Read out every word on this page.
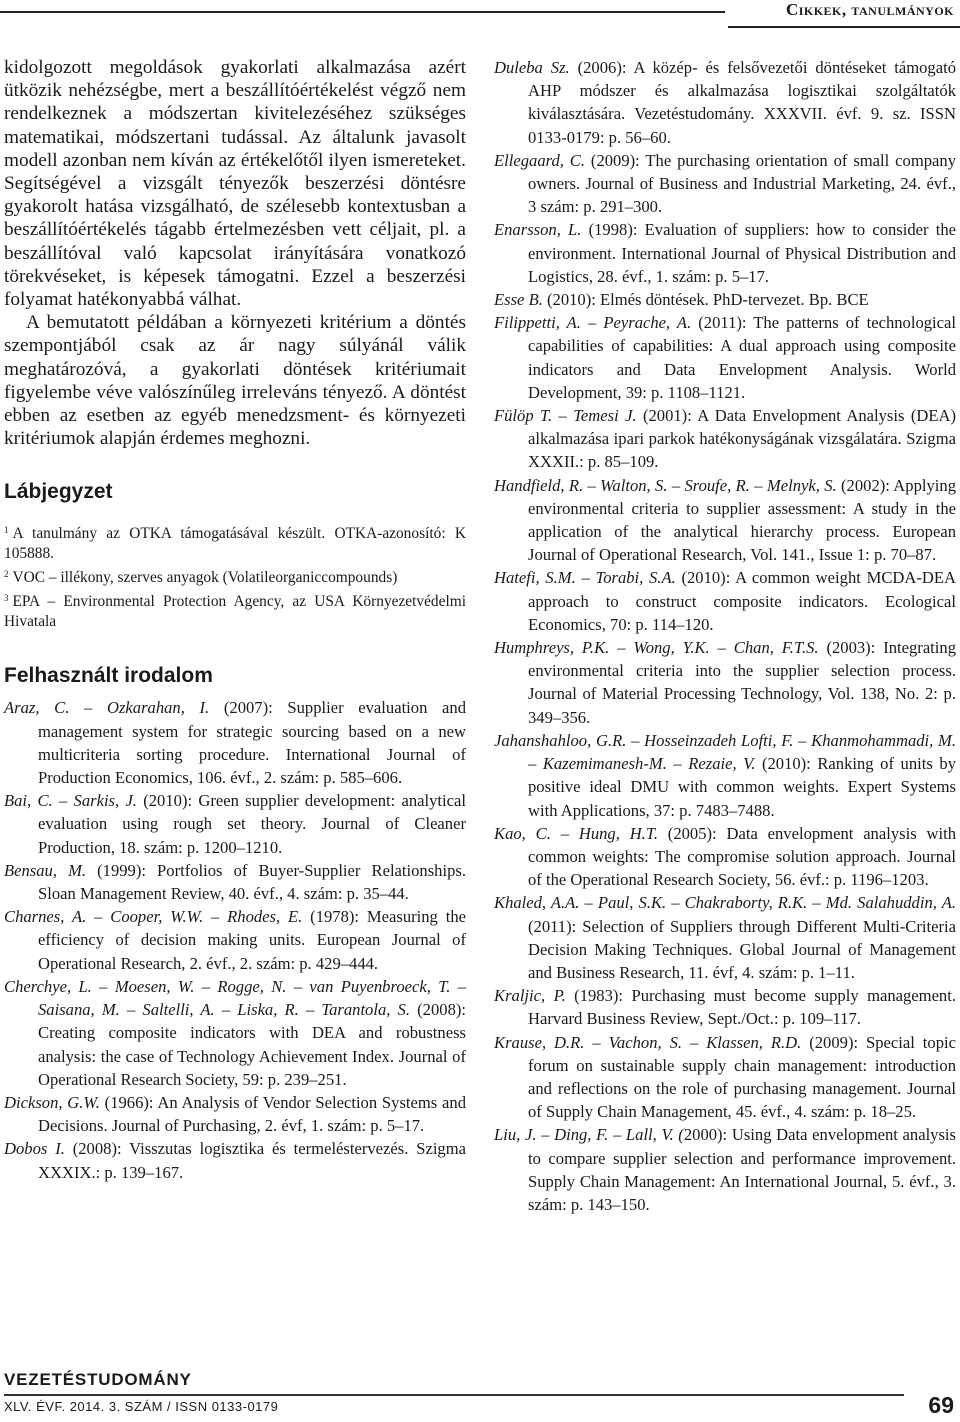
Cikkek, tanulmányok

kidolgozott megoldások gyakorlati alkalmazása azért ütközik nehézségbe, mert a beszállítóértékelést végző nem rendelkeznek a módszertan kivitelezéséhez szükséges matematikai, módszertani tudással. Az általunk javasolt modell azonban nem kíván az értékelőtől ilyen ismereteket. Segítségével a vizsgált tényezők beszerzési döntésre gyakorolt hatása vizsgálható, de szélesebb kontextusban a beszállítóértékelés tágabb értelmezésben vett céljait, pl. a beszállítóval való kapcsolat irányítására vonatkozó törekvéseket, is képesek támogatni. Ezzel a beszerzési folyamat hatékonyabbá válhat.

A bemutatott példában a környezeti kritérium a döntés szempontjából csak az ár nagy súlyánál válik meghatározóvá, a gyakorlati döntések kritériumait figyelembe véve valószínűleg irreleváns tényező. A döntést ebben az esetben az egyéb menedzsment- és környezeti kritériumok alapján érdemes meghozni.

Lábjegyzet

$^1$ A tanulmány az OTKA támogatásával készült. OTKA-azonosító: K 105888.

$^2$ VOC – illékony, szerves anyagok (Volatileorganiccompounds)

$^3$ EPA – Environmental Protection Agency, az USA Környezetvédelmi Hivatala

Felhasznált irodalom

Araz, C. – Ozkarahan, I. (2007): Supplier evaluation and management system for strategic sourcing based on a new multicriteria sorting procedure. International Journal of Production Economics, 106. évf., 2. szám: p. 585–606.

Bai, C. – Sarkis, J. (2010): Green supplier development: analytical evaluation using rough set theory. Journal of Cleaner Production, 18. szám: p. 1200–1210.

Bensau, M. (1999): Portfolios of Buyer-Supplier Relationships. Sloan Management Review, 40. évf., 4. szám: p. 35–44.

Charnes, A. – Cooper, W.W. – Rhodes, E. (1978): Measuring the efficiency of decision making units. European Journal of Operational Research, 2. évf., 2. szám: p. 429–444.

Cherchye, L. – Moesen, W. – Rogge, N. – van Puyenbroeck, T. – Saisana, M. – Saltelli, A. – Liska, R. – Tarantola, S. (2008): Creating composite indicators with DEA and robustness analysis: the case of Technology Achievement Index. Journal of Operational Research Society, 59: p. 239–251.

Dickson, G.W. (1966): An Analysis of Vendor Selection Systems and Decisions. Journal of Purchasing, 2. évf, 1. szám: p. 5–17.

Dobos I. (2008): Visszutas logisztika és termeléstervezés. Szigma XXXIX.: p. 139–167.

Duleba Sz. (2006): A közép- és felsővezetői döntéseket támogató AHP módszer és alkalmazása logisztikai szolgáltatók kiválasztására. Vezetéstudomány. XXXVII. évf. 9. sz. ISSN 0133-0179: p. 56–60.

Ellegaard, C. (2009): The purchasing orientation of small company owners. Journal of Business and Industrial Marketing, 24. évf., 3 szám: p. 291–300.

Enarsson, L. (1998): Evaluation of suppliers: how to consider the environment. International Journal of Physical Distribution and Logistics, 28. évf., 1. szám: p. 5–17.

Esse B. (2010): Elmés döntések. PhD-tervezet. Bp. BCE

Filippetti, A. – Peyrache, A. (2011): The patterns of technological capabilities of capabilities: A dual approach using composite indicators and Data Envelopment Analysis. World Development, 39: p. 1108–1121.

Fülöp T. – Temesi J. (2001): A Data Envelopment Analysis (DEA) alkalmazása ipari parkok hatékonyságának vizsgálatára. Szigma XXXII.: p. 85–109.

Handfield, R. – Walton, S. – Sroufe, R. – Melnyk, S. (2002): Applying environmental criteria to supplier assessment: A study in the application of the analytical hierarchy process. European Journal of Operational Research, Vol. 141., Issue 1: p. 70–87.

Hatefi, S.M. – Torabi, S.A. (2010): A common weight MCDA-DEA approach to construct composite indicators. Ecological Economics, 70: p. 114–120.

Humphreys, P.K. – Wong, Y.K. – Chan, F.T.S. (2003): Integrating environmental criteria into the supplier selection process. Journal of Material Processing Technology, Vol. 138, No. 2: p. 349–356.

Jahanshahloo, G.R. – Hosseinzadeh Lofti, F. – Khanmohammadi, M. – Kazemimanesh-M. – Rezaie, V. (2010): Ranking of units by positive ideal DMU with common weights. Expert Systems with Applications, 37: p. 7483–7488.

Kao, C. – Hung, H.T. (2005): Data envelopment analysis with common weights: The compromise solution approach. Journal of the Operational Research Society, 56. évf.: p. 1196–1203.

Khaled, A.A. – Paul, S.K. – Chakraborty, R.K. – Md. Salahuddin, A. (2011): Selection of Suppliers through Different Multi-Criteria Decision Making Techniques. Global Journal of Management and Business Research, 11. évf, 4. szám: p. 1–11.

Kraljic, P. (1983): Purchasing must become supply management. Harvard Business Review, Sept./Oct.: p. 109–117.

Krause, D.R. – Vachon, S. – Klassen, R.D. (2009): Special topic forum on sustainable supply chain management: introduction and reflections on the role of purchasing management. Journal of Supply Chain Management, 45. évf., 4. szám: p. 18–25.

Liu, J. – Ding, F. – Lall, V. (2000): Using Data envelopment analysis to compare supplier selection and performance improvement. Supply Chain Management: An International Journal, 5. évf., 3. szám: p. 143–150.

VEZETÉSTUDOMÁNY
XLV. ÉVF. 2014. 3. SZÁM / ISSN 0133-0179	69
